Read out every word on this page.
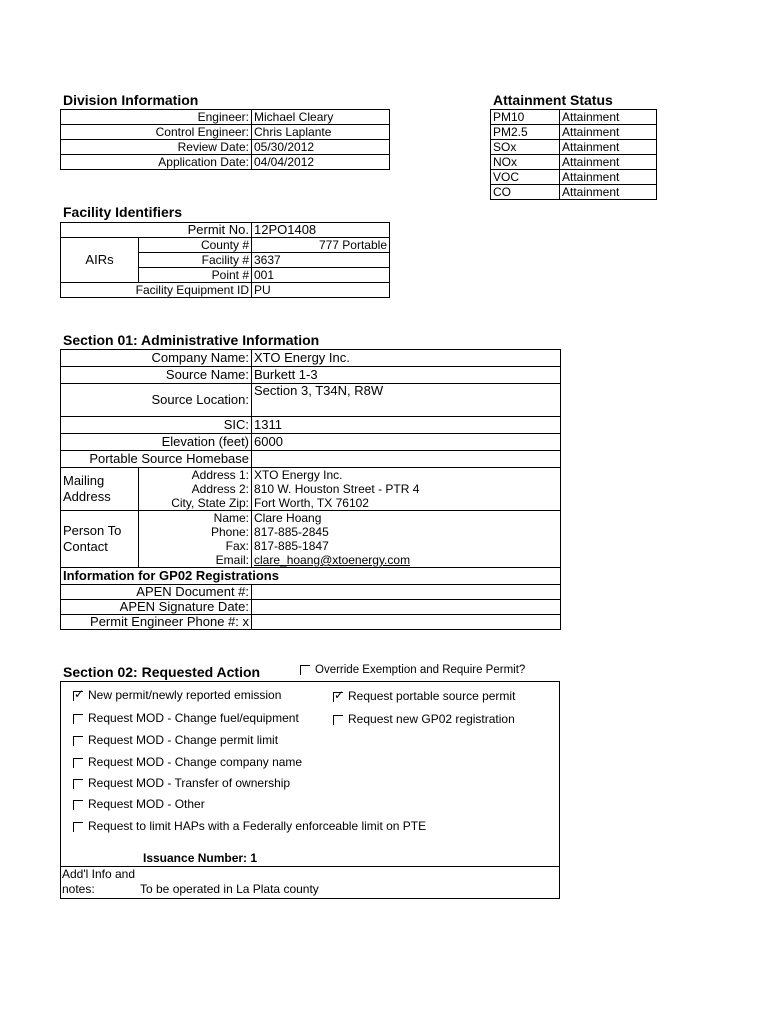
Division Information
Engineer:	Michael Cleary
Control Engineer:	Chris Laplante
Review Date:	05/30/2012
Application Date:	04/04/2012
Attainment Status
PM10	Attainment
PM2.5	Attainment
SOx	Attainment
NOx	Attainment
VOC	Attainment
CO	Attainment
Facility Identifiers
Permit No.		12PO1408
AIRs	County #	777 Portable
	Facility #	3637
	Point #	001
Facility Equipment ID		PU
Section 01: Administrative Information
Company Name:		XTO Energy Inc.
Source Name:		Burkett 1-3
Source Location:		Section 3, T34N, R8W
SIC:		1311
Elevation (feet)		6000
Portable Source Homebase		

Mailing
Address	Address 1:	XTO Energy Inc.
	Address 2:	810 W. Houston Street - PTR 4
	City, State Zip:	Fort Worth, TX 76102

Person To
Contact	Name:	Clare Hoang
	Phone:	817-885-2845
	Fax:	817-885-1847
	Email:	clare_hoang@xtoenergy.com
Information for GP02 Registrations		
APEN Document #:		
APEN Signature Date:		
Permit Engineer Phone #: x		
Section 02: Requested Action	Override Exemption and Require Permit?
✓New permit/newly reported emission
Request MOD - Change fuel/equipment
Request MOD - Change permit limit
Request MOD - Change company name
Request MOD - Transfer of ownership
Request MOD - Other
Request to limit HAPs with a Federally enforceable limit on PTE
✓Request portable source permit
Request new GP02 registration
Issuance Number: 1
Add'l Info and
notes:	To be operated in La Plata county
